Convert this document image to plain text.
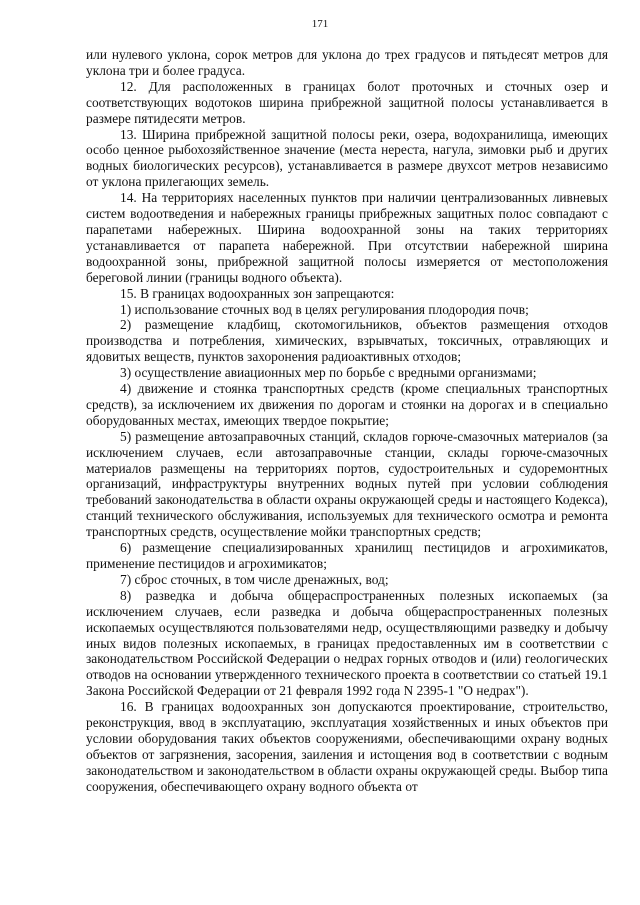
171

или нулевого уклона, сорок метров для уклона до трех градусов и пятьдесят метров для уклона три и более градуса.

12. Для расположенных в границах болот проточных и сточных озер и соответствующих водотоков ширина прибрежной защитной полосы устанавливается в размере пятидесяти метров.

13. Ширина прибрежной защитной полосы реки, озера, водохранилища, имеющих особо ценное рыбохозяйственное значение (места нереста, нагула, зимовки рыб и других водных биологических ресурсов), устанавливается в размере двухсот метров независимо от уклона прилегающих земель.

14. На территориях населенных пунктов при наличии централизованных ливневых систем водоотведения и набережных границы прибрежных защитных полос совпадают с парапетами набережных. Ширина водоохранной зоны на таких территориях устанавливается от парапета набережной. При отсутствии набережной ширина водоохранной зоны, прибрежной защитной полосы измеряется от местоположения береговой линии (границы водного объекта).

15. В границах водоохранных зон запрещаются:

1) использование сточных вод в целях регулирования плодородия почв;

2) размещение кладбищ, скотомогильников, объектов размещения отходов производства и потребления, химических, взрывчатых, токсичных, отравляющих и ядовитых веществ, пунктов захоронения радиоактивных отходов;

3) осуществление авиационных мер по борьбе с вредными организмами;

4) движение и стоянка транспортных средств (кроме специальных транспортных средств), за исключением их движения по дорогам и стоянки на дорогах и в специально оборудованных местах, имеющих твердое покрытие;

5) размещение автозаправочных станций, складов горюче-смазочных материалов (за исключением случаев, если автозаправочные станции, склады горюче-смазочных материалов размещены на территориях портов, судостроительных и судоремонтных организаций, инфраструктуры внутренних водных путей при условии соблюдения требований законодательства в области охраны окружающей среды и настоящего Кодекса), станций технического обслуживания, используемых для технического осмотра и ремонта транспортных средств, осуществление мойки транспортных средств;

6) размещение специализированных хранилищ пестицидов и агрохимикатов, применение пестицидов и агрохимикатов;

7) сброс сточных, в том числе дренажных, вод;

8) разведка и добыча общераспространенных полезных ископаемых (за исключением случаев, если разведка и добыча общераспространенных полезных ископаемых осуществляются пользователями недр, осуществляющими разведку и добычу иных видов полезных ископаемых, в границах предоставленных им в соответствии с законодательством Российской Федерации о недрах горных отводов и (или) геологических отводов на основании утвержденного технического проекта в соответствии со статьей 19.1 Закона Российской Федерации от 21 февраля 1992 года N 2395-1 "О недрах").

16. В границах водоохранных зон допускаются проектирование, строительство, реконструкция, ввод в эксплуатацию, эксплуатация хозяйственных и иных объектов при условии оборудования таких объектов сооружениями, обеспечивающими охрану водных объектов от загрязнения, засорения, заиления и истощения вод в соответствии с водным законодательством и законодательством в области охраны окружающей среды. Выбор типа сооружения, обеспечивающего охрану водного объекта от
